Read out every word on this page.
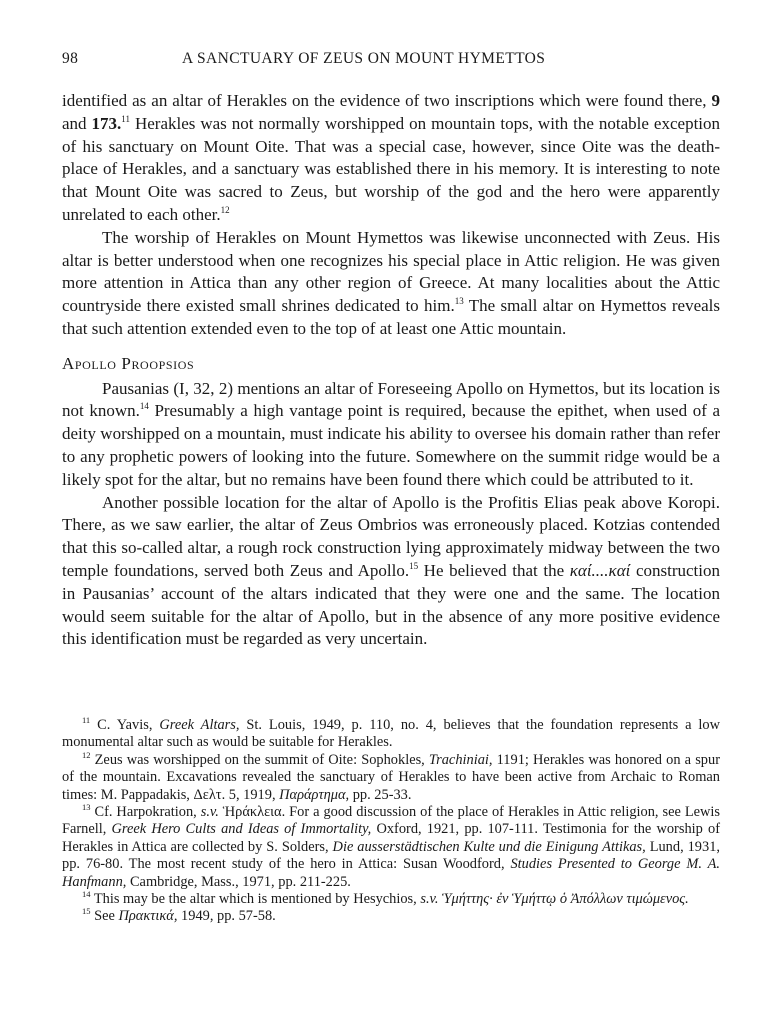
98	A SANCTUARY OF ZEUS ON MOUNT HYMETTOS

identified as an altar of Herakles on the evidence of two inscriptions which were found there, 9 and 173.11 Herakles was not normally worshipped on mountain tops, with the notable exception of his sanctuary on Mount Oite. That was a special case, however, since Oite was the death-place of Herakles, and a sanctuary was established there in his memory. It is interesting to note that Mount Oite was sacred to Zeus, but worship of the god and the hero were apparently unrelated to each other.$^{12}$

The worship of Herakles on Mount Hymettos was likewise unconnected with Zeus. His altar is better understood when one recognizes his special place in Attic religion. He was given more attention in Attica than any other region of Greece. At many localities about the Attic countryside there existed small shrines dedicated to him.$^{13}$ The small altar on Hymettos reveals that such attention extended even to the top of at least one Attic mountain.

Apollo Proopsios

Pausanias (I, 32, 2) mentions an altar of Foreseeing Apollo on Hymettos, but its location is not known.$^{14}$ Presumably a high vantage point is required, because the epithet, when used of a deity worshipped on a mountain, must indicate his ability to oversee his domain rather than refer to any prophetic powers of looking into the future. Somewhere on the summit ridge would be a likely spot for the altar, but no remains have been found there which could be attributed to it.

Another possible location for the altar of Apollo is the Profitis Elias peak above Koropi. There, as we saw earlier, the altar of Zeus Ombrios was erroneously placed. Kotzias contended that this so-called altar, a rough rock construction lying approximately midway between the two temple foundations, served both Zeus and Apollo.$^{15}$ He believed that the καί....καί construction in Pausanias’ account of the altars indicated that they were one and the same. The location would seem suitable for the altar of Apollo, but in the absence of any more positive evidence this identification must be regarded as very uncertain.

$^{11}$ C. Yavis, Greek Altars, St. Louis, 1949, p. 110, no. 4, believes that the foundation represents a low monumental altar such as would be suitable for Herakles.

$^{12}$ Zeus was worshipped on the summit of Oite: Sophokles, Trachiniai, 1191; Herakles was honored on a spur of the mountain. Excavations revealed the sanctuary of Herakles to have been active from Archaic to Roman times: M. Pappadakis, Δελτ. 5, 1919, Παράρτημα, pp. 25-33.

$^{13}$ Cf. Harpokration, s.v. Ἡράκλεια. For a good discussion of the place of Herakles in Attic religion, see Lewis Farnell, Greek Hero Cults and Ideas of Immortality, Oxford, 1921, pp. 107-111. Testimonia for the worship of Herakles in Attica are collected by S. Solders, Die ausserstädtischen Kulte und die Einigung Attikas, Lund, 1931, pp. 76-80. The most recent study of the hero in Attica: Susan Woodford, Studies Presented to George M. A. Hanfmann, Cambridge, Mass., 1971, pp. 211-225.

$^{14}$ This may be the altar which is mentioned by Hesychios, s.v. Ὑμήττης· ἐν Ὑμήττῳ ὁ Ἀπόλλων τιμώμενος.

$^{15}$ See Πρακτικά, 1949, pp. 57-58.
